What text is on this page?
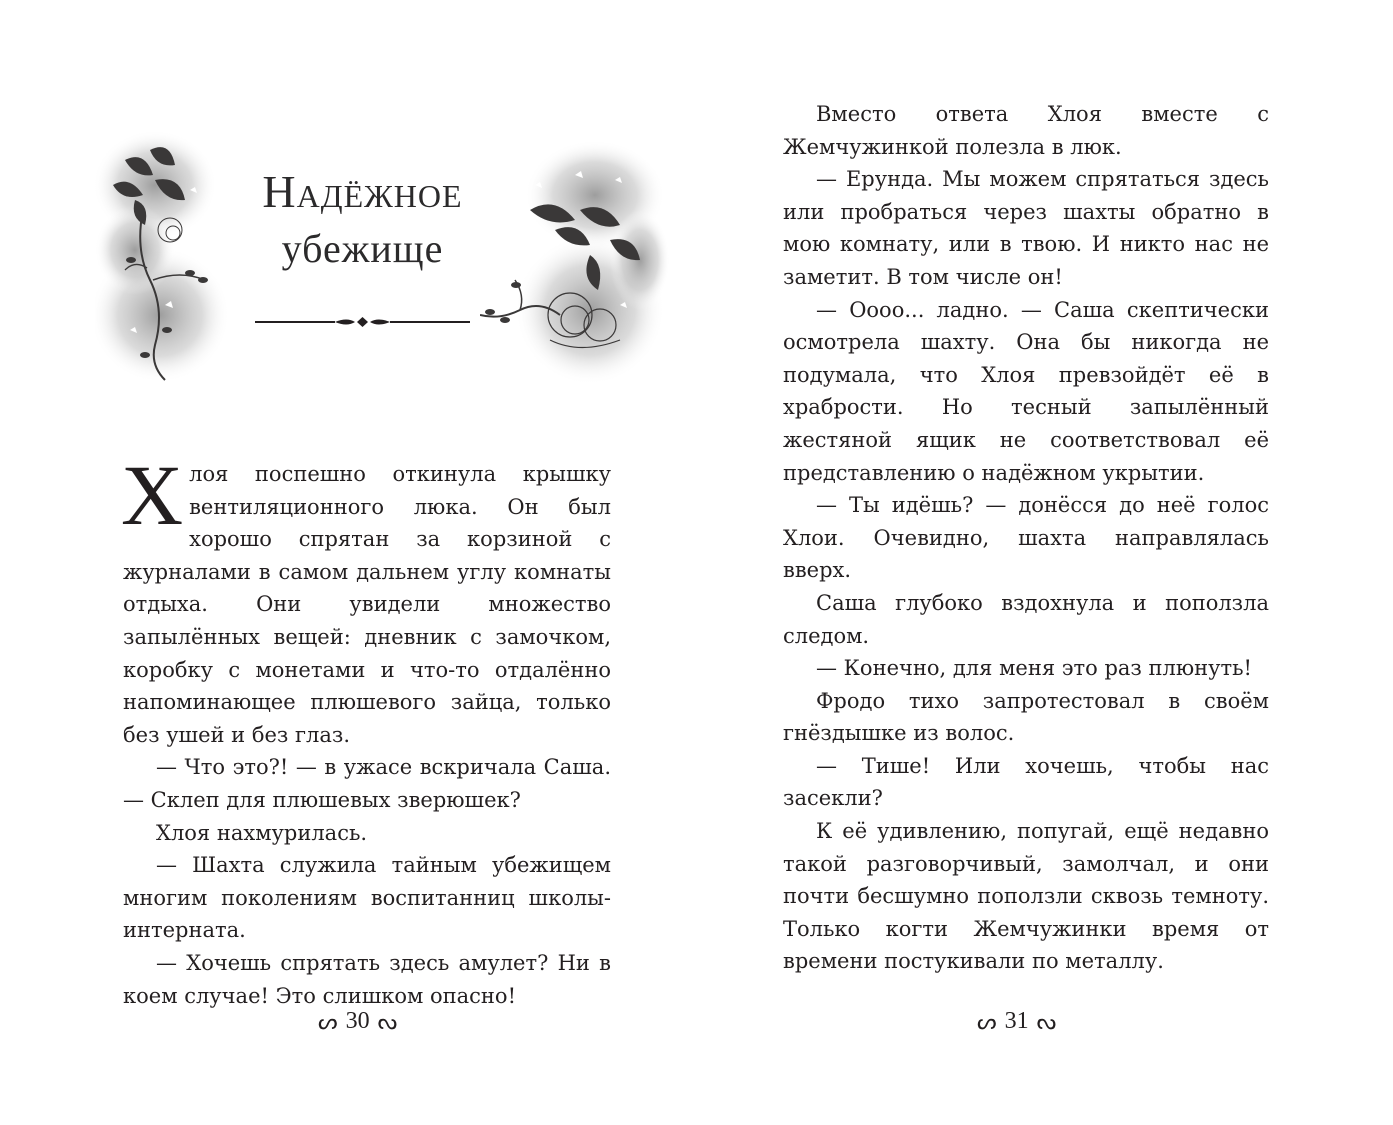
Надёжное
убежище

Хлоя поспешно откинула крышку вентиляционного люка. Он был хорошо спрятан за корзиной с журналами в самом дальнем углу комнаты отдыха. Они увидели множество запылённых вещей: дневник с замочком, коробку с монетами и что-то отдалённо напоминающее плюшевого зайца, только без ушей и без глаз.

— Что это?! — в ужасе вскричала Саша. — Склеп для плюшевых зверюшек?

Хлоя нахмурилась.

— Шахта служила тайным убежищем многим поколениям воспитанниц школы-интерната.

— Хочешь спрятать здесь амулет? Ни в коем случае! Это слишком опасно!

ᔕ 30 ᔓ

Вместо ответа Хлоя вместе с Жемчужинкой полезла в люк.

— Ерунда. Мы можем спрятаться здесь или пробраться через шахты обратно в мою комнату, или в твою. И никто нас не заметит. В том числе он!

— Оооо... ладно. — Саша скептически осмотрела шахту. Она бы никогда не подумала, что Хлоя превзойдёт её в храбрости. Но тесный запылённый жестяной ящик не соответствовал её представлению о надёжном укрытии.

— Ты идёшь? — донёсся до неё голос Хлои. Очевидно, шахта направлялась вверх.

Саша глубоко вздохнула и поползла следом.

— Конечно, для меня это раз плюнуть!

Фродо тихо запротестовал в своём гнёздышке из волос.

— Тише! Или хочешь, чтобы нас засекли?

К её удивлению, попугай, ещё недавно такой разговорчивый, замолчал, и они почти бесшумно поползли сквозь темноту. Только когти Жемчужинки время от времени постукивали по металлу.

ᔕ 31 ᔓ
